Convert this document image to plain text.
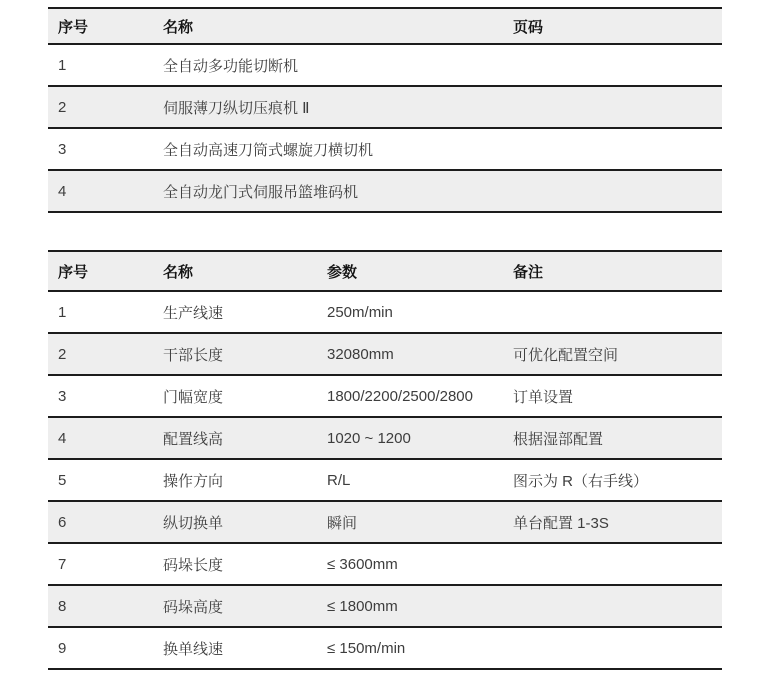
序号	名称	页码
1	全自动多功能切断机	
2	伺服薄刀纵切压痕机 Ⅱ	
3	全自动高速刀筒式螺旋刀横切机	
4	全自动龙门式伺服吊篮堆码机	
序号	名称	参数	备注
1	生产线速	250m/min	
2	干部长度	32080mm	可优化配置空间
3	门幅宽度	1800/2200/2500/2800	订单设置
4	配置线高	1020 ~ 1200	根据湿部配置
5	操作方向	R/L	图示为 R（右手线）
6	纵切换单	瞬间	单台配置 1-3S
7	码垛长度	≤ 3600mm	
8	码垛高度	≤ 1800mm	
9	换单线速	≤ 150m/min	
